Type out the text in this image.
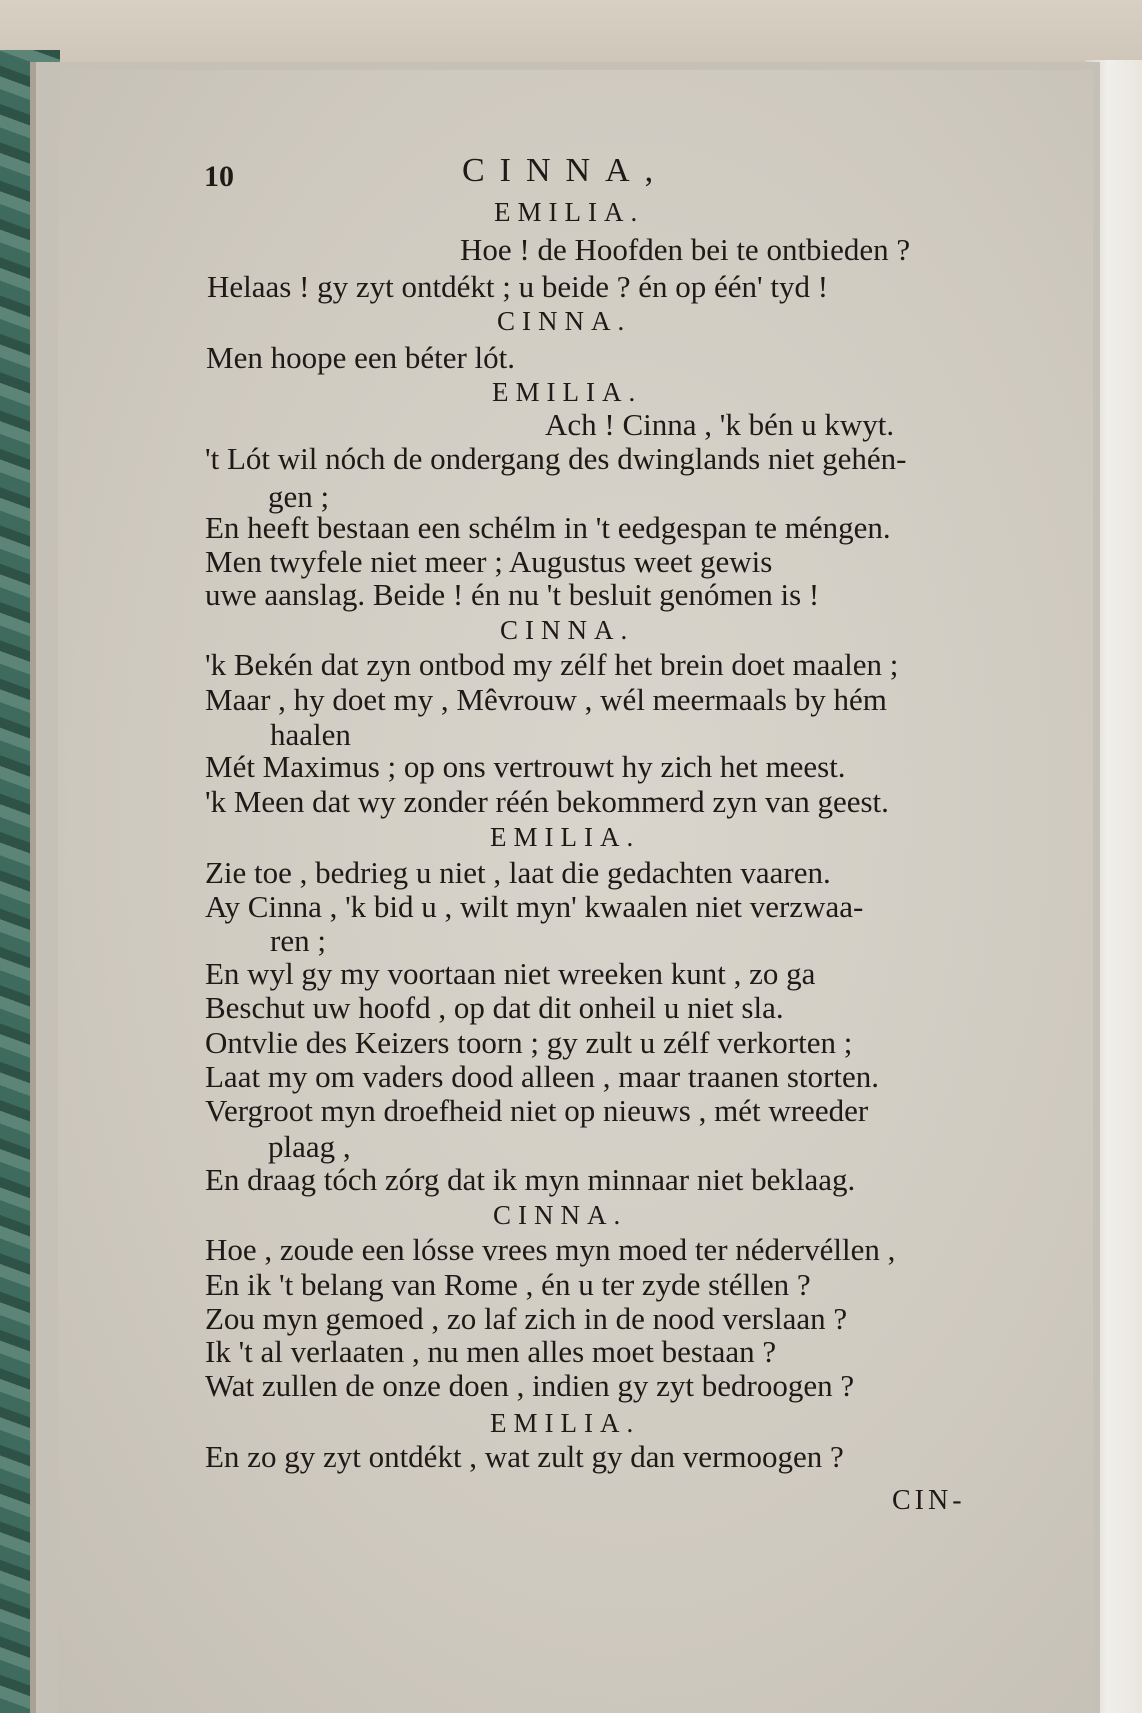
10	CINNA,
EMILIA.
Hoe ! de Hoofden bei te ontbieden ?
Helaas ! gy zyt ontdékt ; u beide ? én op één' tyd !
CINNA.
Men hoope een béter lót.
EMILIA.
Ach ! Cinna , 'k bén u kwyt.
't Lót wil nóch de ondergang des dwinglands niet gehén-
gen ;
En heeft bestaan een schélm in 't eedgespan te méngen.
Men twyfele niet meer ; Augustus weet gewis
uwe aanslag. Beide ! én nu 't besluit genómen is !
CINNA.
'k Bekén dat zyn ontbod my zélf het brein doet maalen ;
Maar , hy doet my , Mêvrouw , wél meermaals by hém
haalen
Mét Maximus ; op ons vertrouwt hy zich het meest.
'k Meen dat wy zonder réén bekommerd zyn van geest.
EMILIA.
Zie toe , bedrieg u niet , laat die gedachten vaaren.
Ay Cinna , 'k bid u , wilt myn' kwaalen niet verzwaa-
ren ;
En wyl gy my voortaan niet wreeken kunt , zo ga
Beschut uw hoofd , op dat dit onheil u niet sla.
Ontvlie des Keizers toorn ; gy zult u zélf verkorten ;
Laat my om vaders dood alleen , maar traanen storten.
Vergroot myn droefheid niet op nieuws , mét wreeder
plaag ,
En draag tóch zórg dat ik myn minnaar niet beklaag.
CINNA.
Hoe , zoude een lósse vrees myn moed ter nédervéllen ,
En ik 't belang van Rome , én u ter zyde stéllen ?
Zou myn gemoed , zo laf zich in de nood verslaan ?
Ik 't al verlaaten , nu men alles moet bestaan ?
Wat zullen de onze doen , indien gy zyt bedroogen ?
EMILIA.
En zo gy zyt ontdékt , wat zult gy dan vermoogen ?
CIN-
